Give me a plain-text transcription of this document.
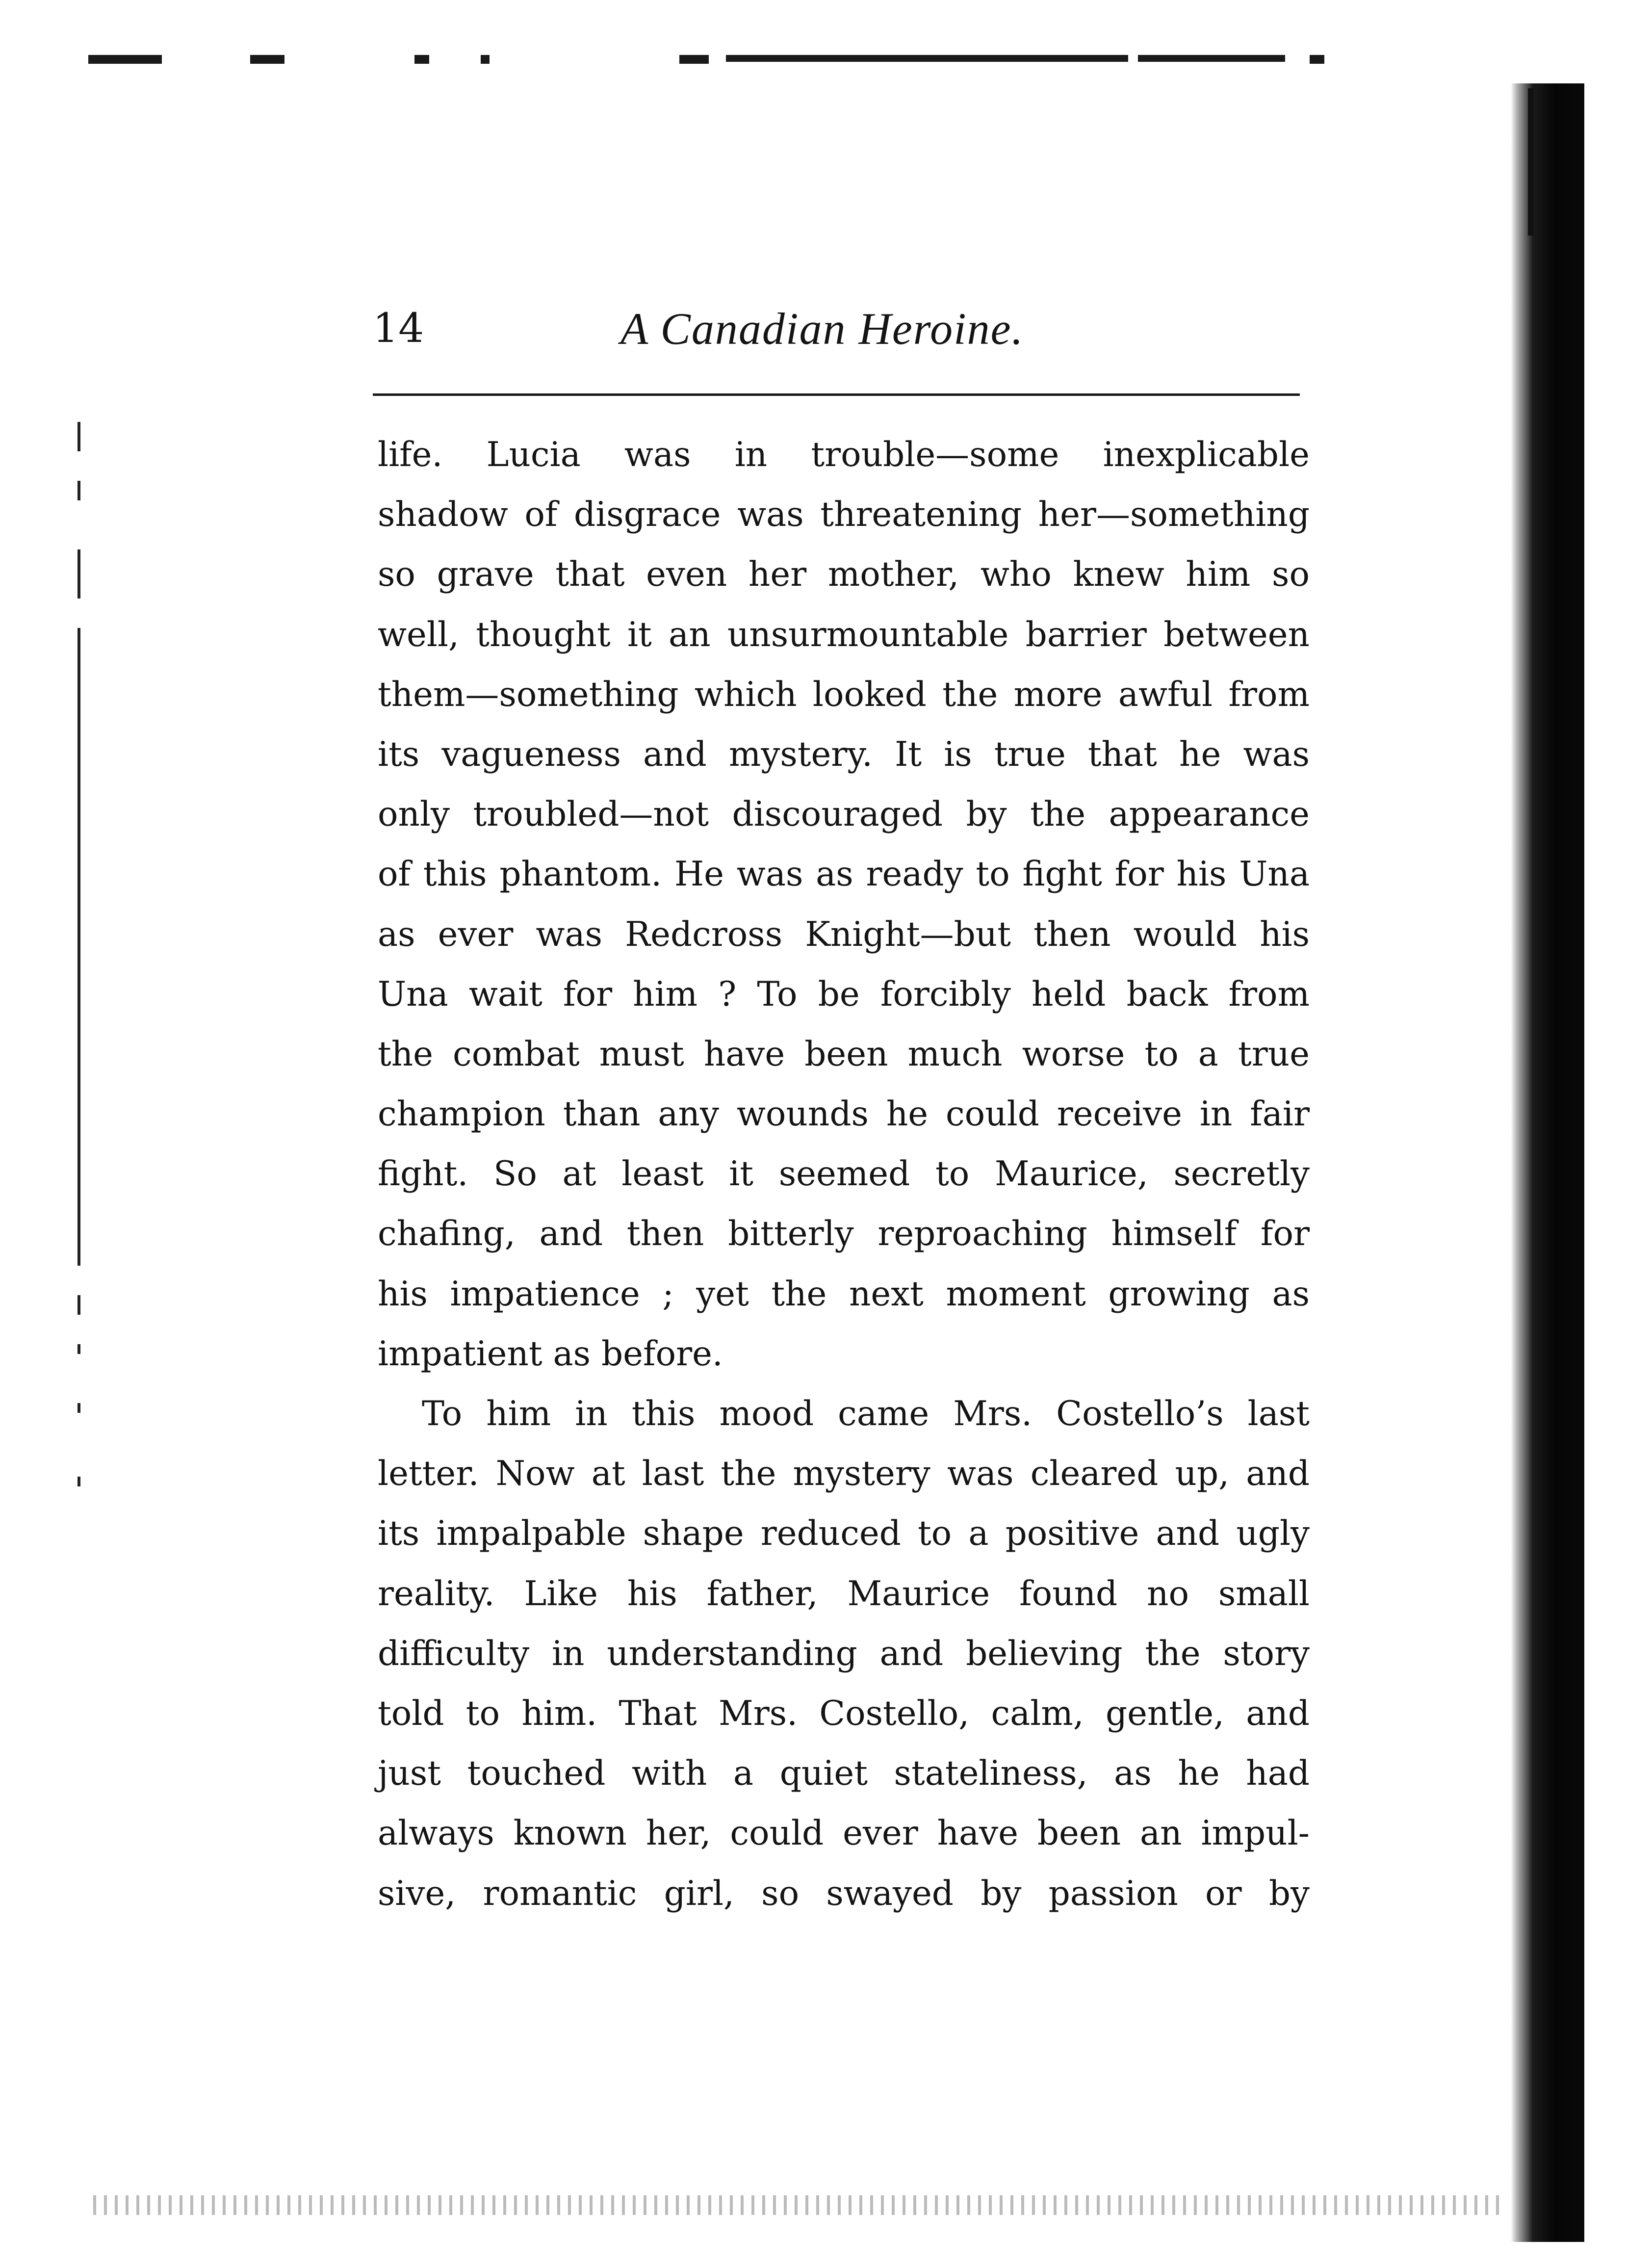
14	A Canadian Heroine.
life. Lucia was in trouble—some inexplicable
shadow of disgrace was threatening her—something
so grave that even her mother, who knew him so
well, thought it an unsurmountable barrier between
them—something which looked the more awful from
its vagueness and mystery. It is true that he was
only troubled—not discouraged by the appearance
of this phantom. He was as ready to fight for his Una
as ever was Redcross Knight—but then would his
Una wait for him ? To be forcibly held back from
the combat must have been much worse to a true
champion than any wounds he could receive in fair
fight. So at least it seemed to Maurice, secretly
chafing, and then bitterly reproaching himself for
his impatience ; yet the next moment growing as
impatient as before.
To him in this mood came Mrs. Costello’s last
letter. Now at last the mystery was cleared up, and
its impalpable shape reduced to a positive and ugly
reality. Like his father, Maurice found no small
difficulty in understanding and believing the story
told to him. That Mrs. Costello, calm, gentle, and
just touched with a quiet stateliness, as he had
always known her, could ever have been an impul-
sive, romantic girl, so swayed by passion or by
